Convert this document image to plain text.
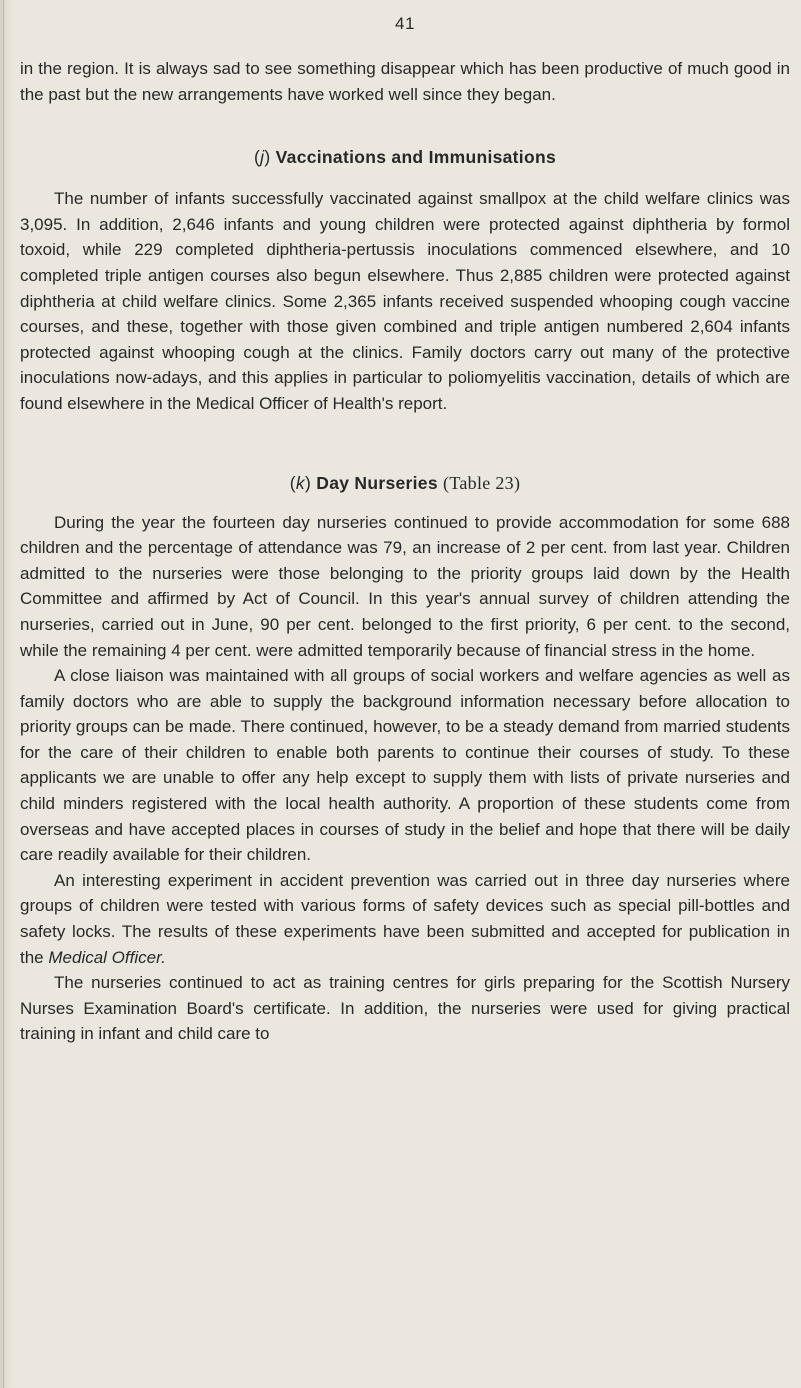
41

in the region. It is always sad to see something disappear which has been productive of much good in the past but the new arrangements have worked well since they began.

(j) Vaccinations and Immunisations

The number of infants successfully vaccinated against smallpox at the child welfare clinics was 3,095. In addition, 2,646 infants and young children were protected against diphtheria by formol toxoid, while 229 completed diphtheria-pertussis inoculations commenced elsewhere, and 10 completed triple antigen courses also begun elsewhere. Thus 2,885 children were protected against diphtheria at child welfare clinics. Some 2,365 infants received suspended whooping cough vaccine courses, and these, together with those given combined and triple antigen numbered 2,604 infants protected against whooping cough at the clinics. Family doctors carry out many of the protective inoculations now-adays, and this applies in particular to poliomyelitis vaccination, details of which are found elsewhere in the Medical Officer of Health's report.

(k) Day Nurseries (Table 23)

During the year the fourteen day nurseries continued to provide accommodation for some 688 children and the percentage of attendance was 79, an increase of 2 per cent. from last year. Children admitted to the nurseries were those belonging to the priority groups laid down by the Health Committee and affirmed by Act of Council. In this year's annual survey of children attending the nurseries, carried out in June, 90 per cent. belonged to the first priority, 6 per cent. to the second, while the remaining 4 per cent. were admitted temporarily because of financial stress in the home.

A close liaison was maintained with all groups of social workers and welfare agencies as well as family doctors who are able to supply the background information necessary before allocation to priority groups can be made. There continued, however, to be a steady demand from married students for the care of their children to enable both parents to continue their courses of study. To these applicants we are unable to offer any help except to supply them with lists of private nurseries and child minders registered with the local health authority. A proportion of these students come from overseas and have accepted places in courses of study in the belief and hope that there will be daily care readily available for their children.

An interesting experiment in accident prevention was carried out in three day nurseries where groups of children were tested with various forms of safety devices such as special pill-bottles and safety locks. The results of these experiments have been submitted and accepted for publication in the Medical Officer.

The nurseries continued to act as training centres for girls preparing for the Scottish Nursery Nurses Examination Board's certificate. In addition, the nurseries were used for giving practical training in infant and child care to
